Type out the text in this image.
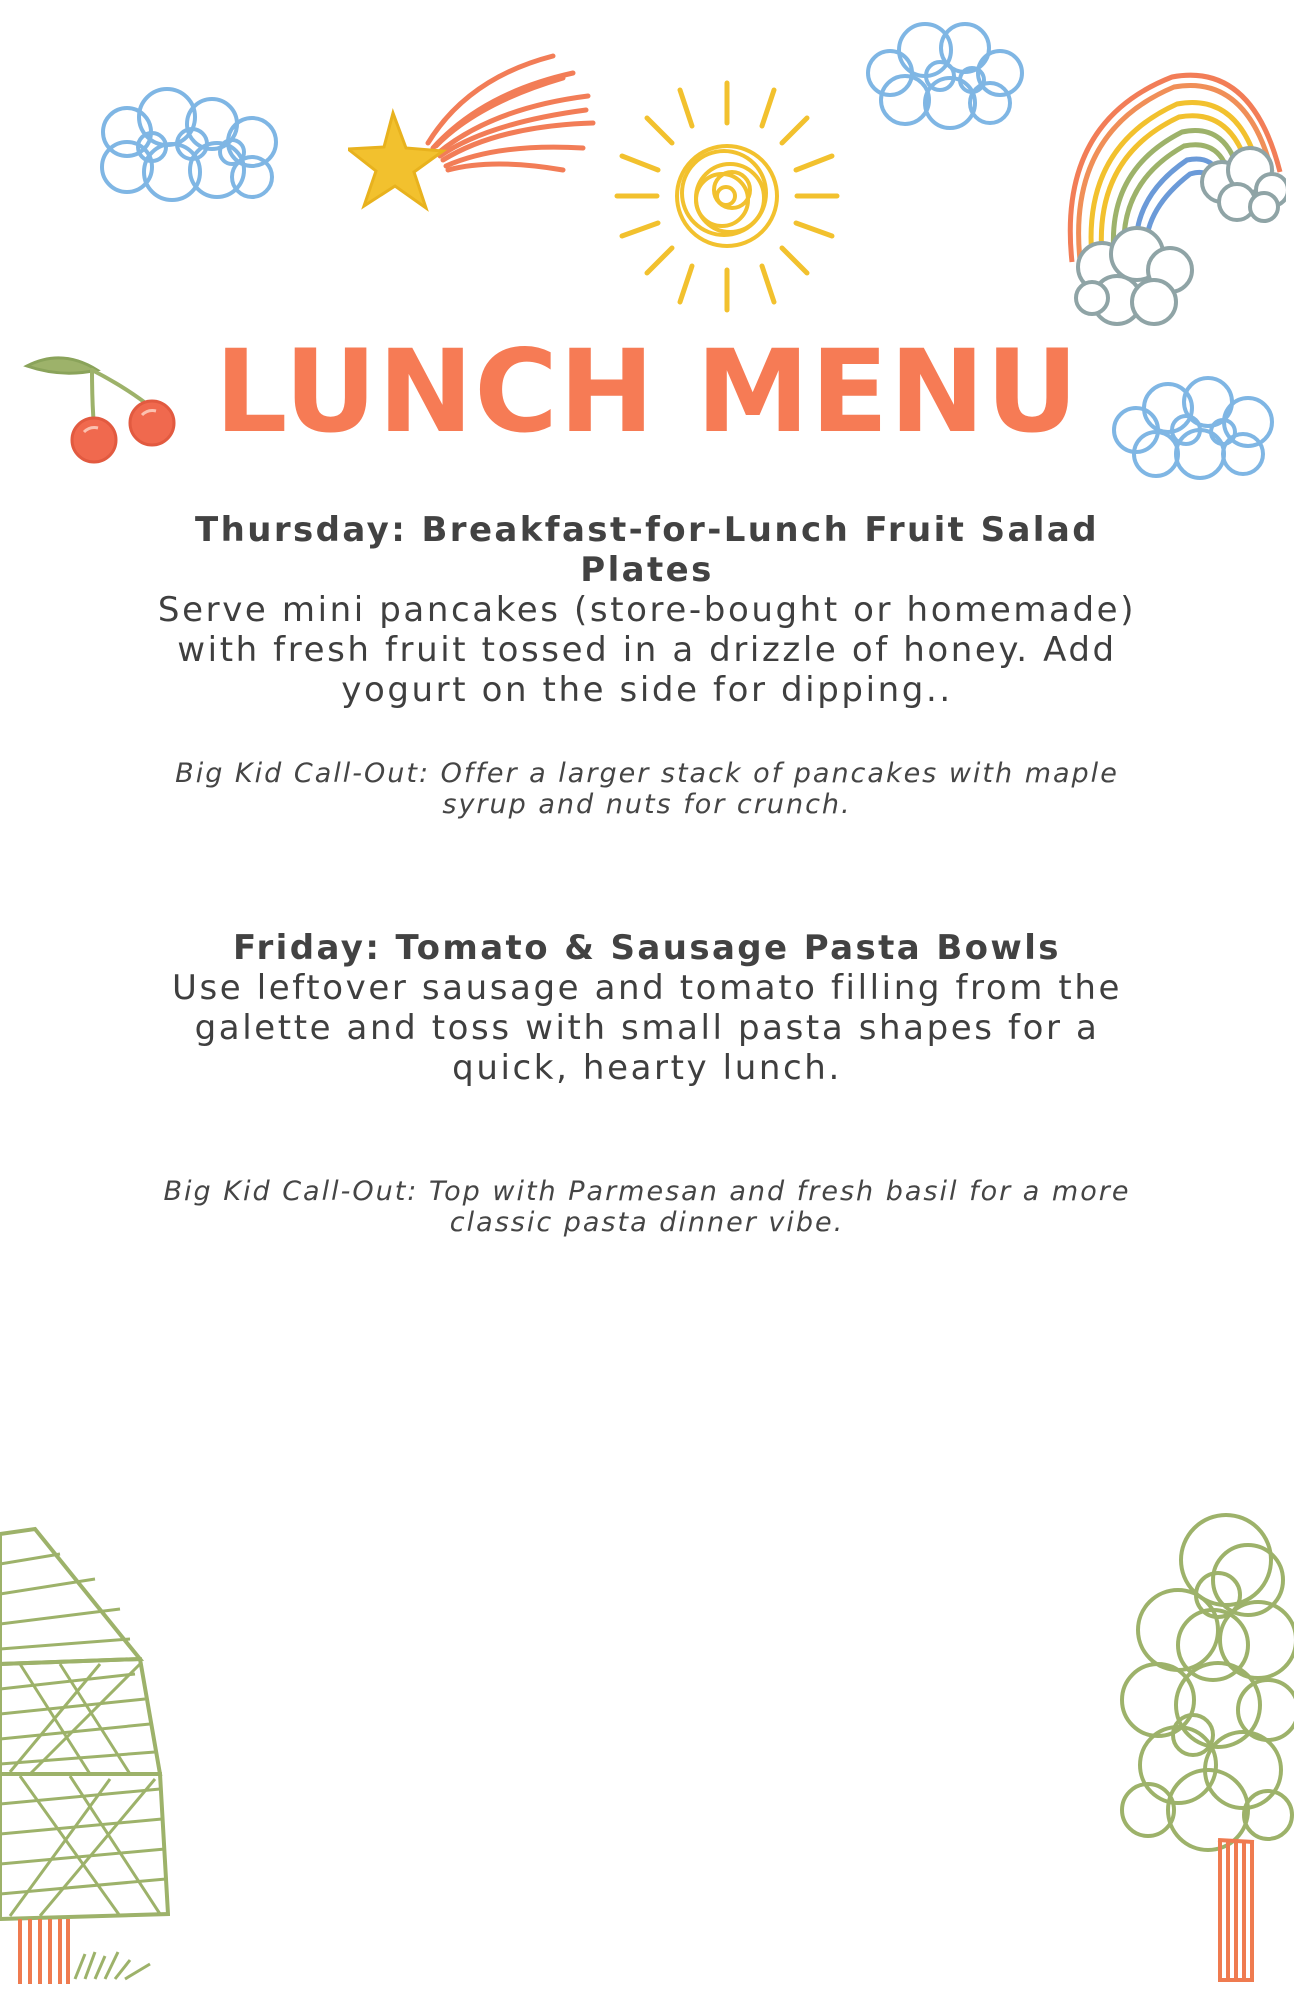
LUNCH MENU

Thursday: Breakfast-for-Lunch Fruit Salad Plates

Serve mini pancakes (store-bought or homemade) with fresh fruit tossed in a drizzle of honey. Add yogurt on the side for dipping..

Big Kid Call-Out: Offer a larger stack of pancakes with maple syrup and nuts for crunch.

Friday: Tomato & Sausage Pasta Bowls

Use leftover sausage and tomato filling from the galette and toss with small pasta shapes for a quick, hearty lunch.

Big Kid Call-Out: Top with Parmesan and fresh basil for a more classic pasta dinner vibe.
